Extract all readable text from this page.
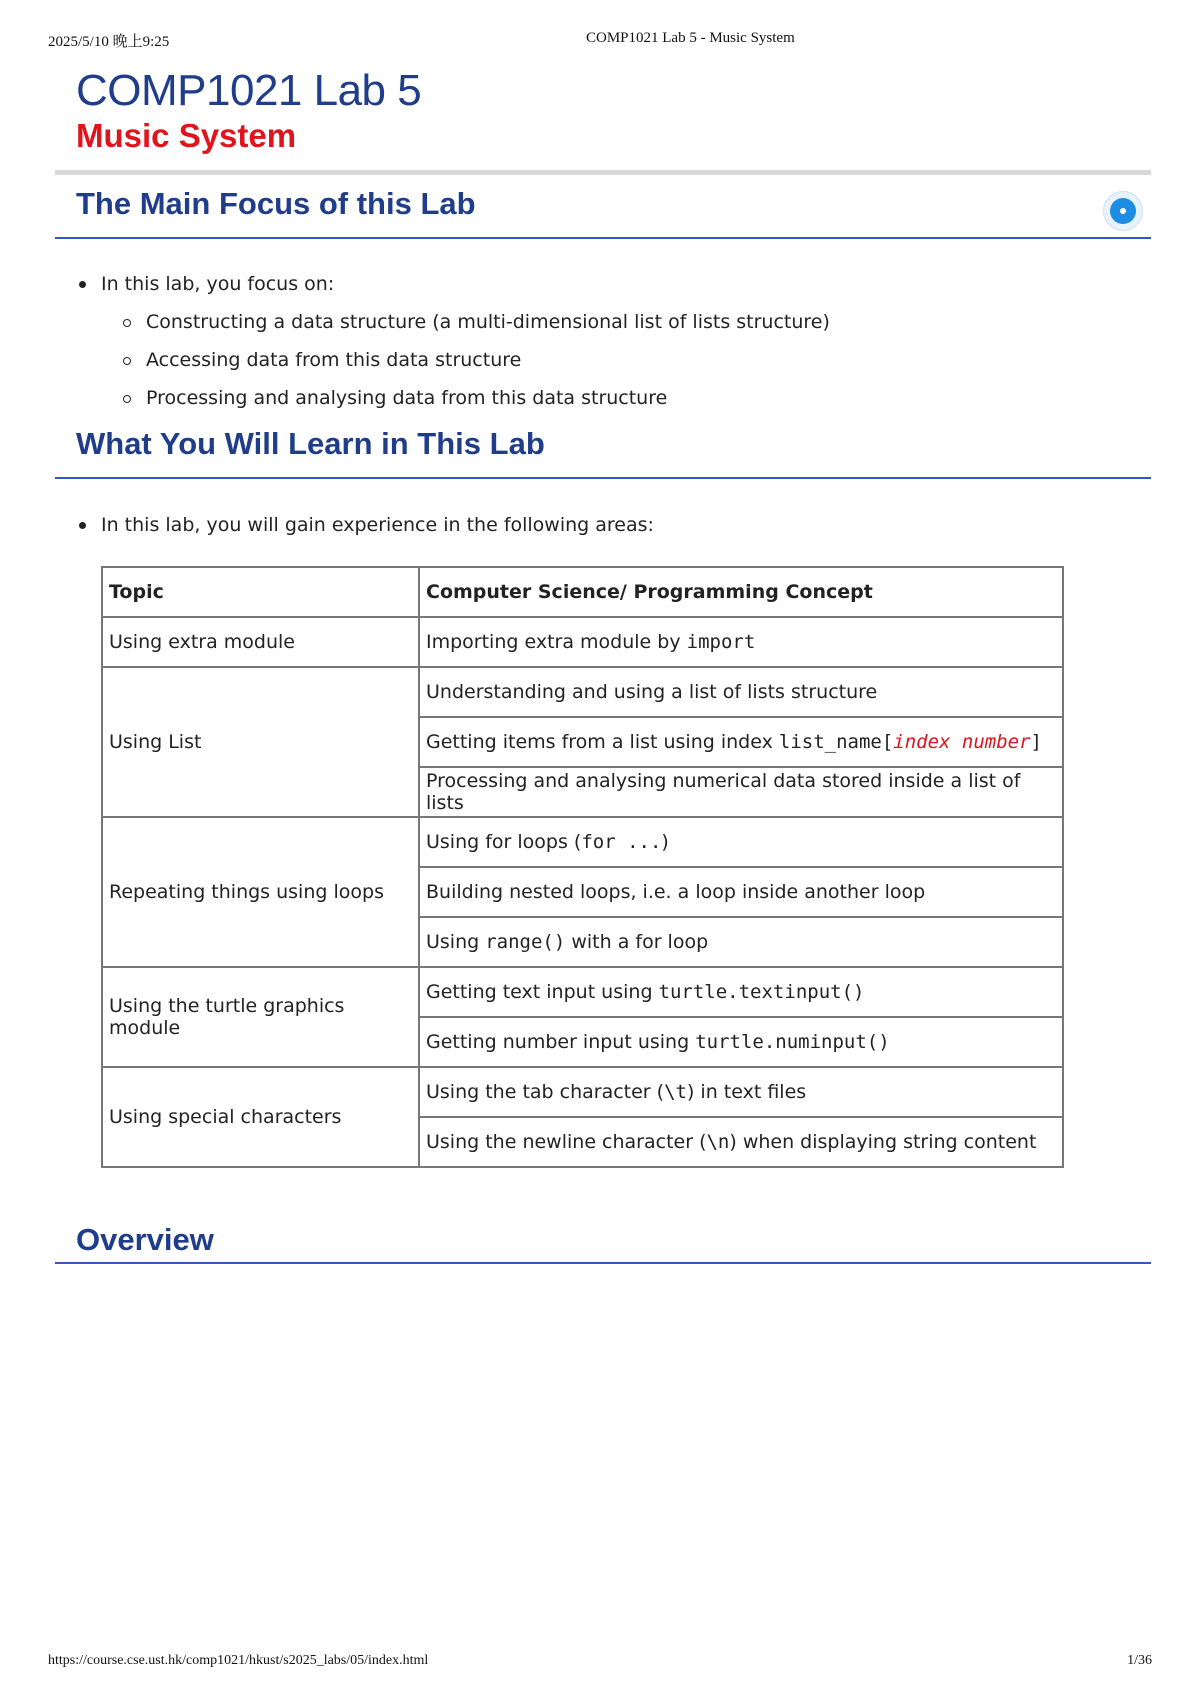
2025/5/10 晚上9:25	COMP1021 Lab 5 - Music System
COMP1021 Lab 5
Music System
The Main Focus of this Lab
In this lab, you focus on:
Constructing a data structure (a multi-dimensional list of lists structure)
Accessing data from this data structure
Processing and analysing data from this data structure
What You Will Learn in This Lab
In this lab, you will gain experience in the following areas:
Topic	Computer Science/ Programming Concept
Using extra module	Importing extra module by import
Using List	Understanding and using a list of lists structure
	Getting items from a list using index list_name[index number]
	Processing and analysing numerical data stored inside a list of lists
Repeating things using loops	Using for loops (for ...)
	Building nested loops, i.e. a loop inside another loop
	Using range() with a for loop
Using the turtle graphics module	Getting text input using turtle.textinput()
	Getting number input using turtle.numinput()
Using special characters	Using the tab character (\t) in text files
	Using the newline character (\n) when displaying string content
Overview
https://course.cse.ust.hk/comp1021/hkust/s2025_labs/05/index.html	1/36
